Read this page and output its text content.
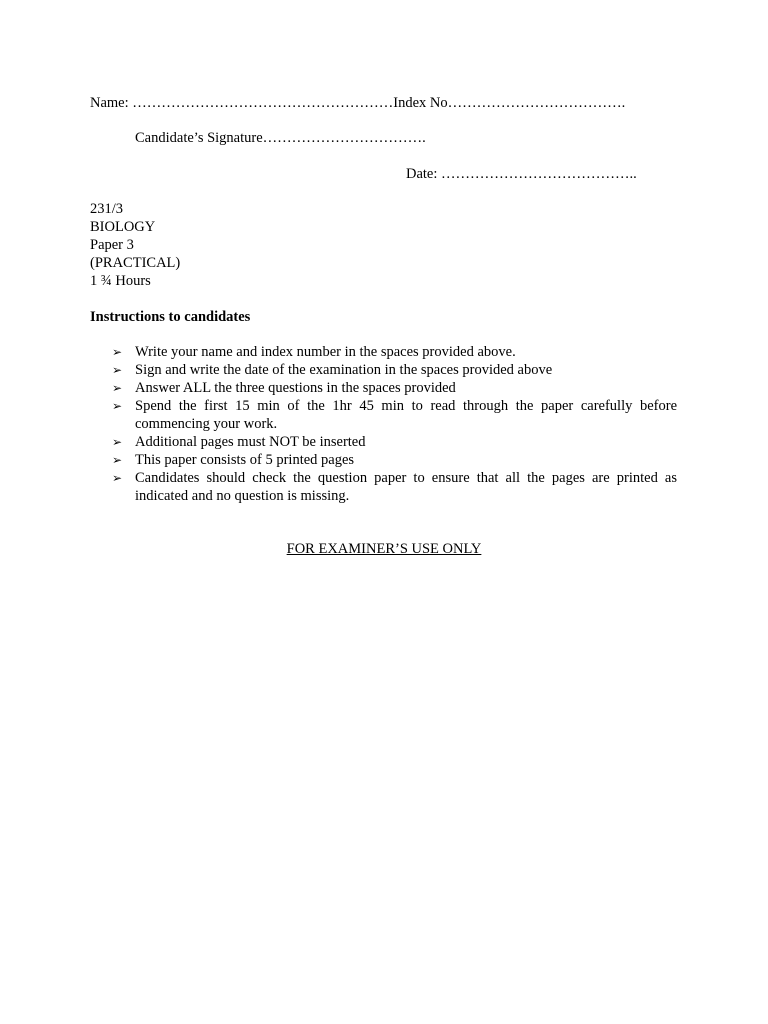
Name: ………………………………………………Index No……………………………….
Candidate’s Signature…………………………….
Date: …………………………………..
231/3
BIOLOGY
Paper 3
(PRACTICAL)
1 ¾ Hours
Instructions to candidates
➢ Write your name and index number in the spaces provided above.
➢ Sign and write the date of the examination in the spaces provided above
➢ Answer ALL the three questions in the spaces provided
➢ Spend the first 15 min of the 1hr 45 min to read through the paper carefully before commencing your work.
➢ Additional pages must NOT be inserted
➢ This paper consists of 5 printed pages
➢ Candidates should check the question paper to ensure that all the pages are printed as indicated and no question is missing.
FOR EXAMINER’S USE ONLY
